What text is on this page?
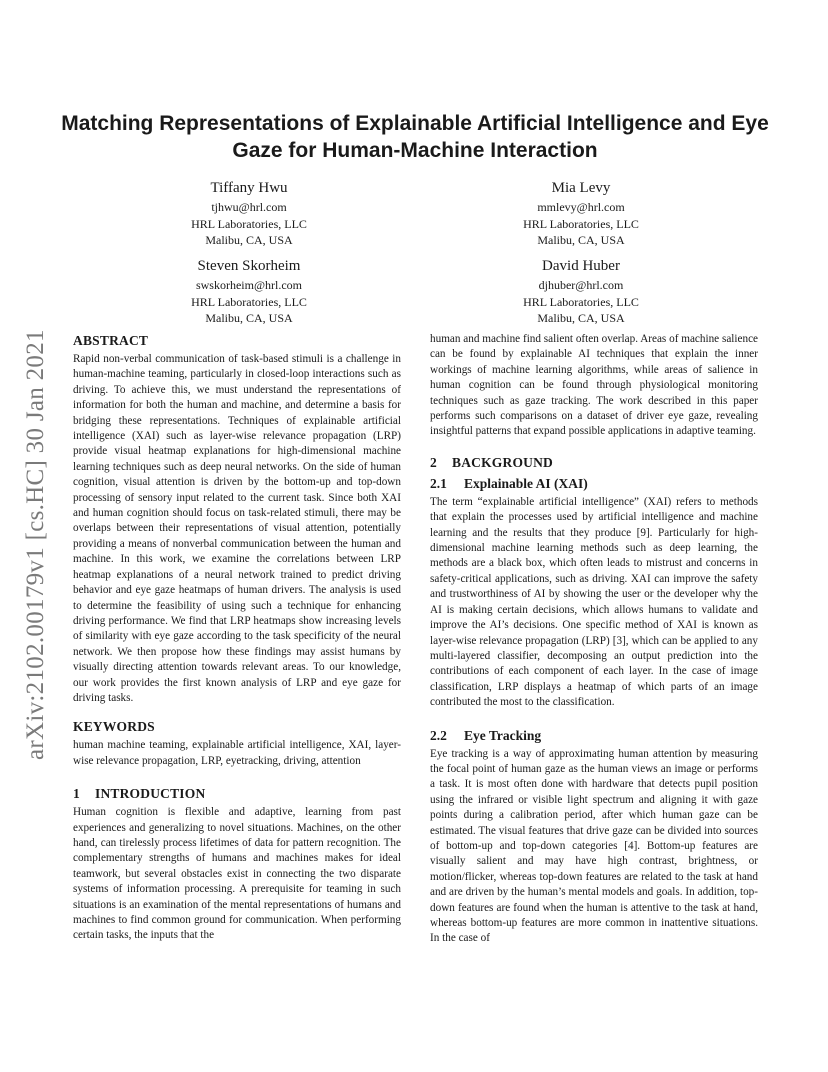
arXiv:2102.00179v1 [cs.HC] 30 Jan 2021
Matching Representations of Explainable Artificial Intelligence and Eye Gaze for Human-Machine Interaction
Tiffany Hwu
tjhwu@hrl.com
HRL Laboratories, LLC
Malibu, CA, USA
Mia Levy
mmlevy@hrl.com
HRL Laboratories, LLC
Malibu, CA, USA
Steven Skorheim
swskorheim@hrl.com
HRL Laboratories, LLC
Malibu, CA, USA
David Huber
djhuber@hrl.com
HRL Laboratories, LLC
Malibu, CA, USA
ABSTRACT

Rapid non-verbal communication of task-based stimuli is a challenge in human-machine teaming, particularly in closed-loop interactions such as driving. To achieve this, we must understand the representations of information for both the human and machine, and determine a basis for bridging these representations. Techniques of explainable artificial intelligence (XAI) such as layer-wise relevance propagation (LRP) provide visual heatmap explanations for high-dimensional machine learning techniques such as deep neural networks. On the side of human cognition, visual attention is driven by the bottom-up and top-down processing of sensory input related to the current task. Since both XAI and human cognition should focus on task-related stimuli, there may be overlaps between their representations of visual attention, potentially providing a means of nonverbal communication between the human and machine. In this work, we examine the correlations between LRP heatmap explanations of a neural network trained to predict driving behavior and eye gaze heatmaps of human drivers. The analysis is used to determine the feasibility of using such a technique for enhancing driving performance. We find that LRP heatmaps show increasing levels of similarity with eye gaze according to the task specificity of the neural network. We then propose how these findings may assist humans by visually directing attention towards relevant areas. To our knowledge, our work provides the first known analysis of LRP and eye gaze for driving tasks.

KEYWORDS

human machine teaming, explainable artificial intelligence, XAI, layer-wise relevance propagation, LRP, eyetracking, driving, attention

1 INTRODUCTION

Human cognition is flexible and adaptive, learning from past experiences and generalizing to novel situations. Machines, on the other hand, can tirelessly process lifetimes of data for pattern recognition. The complementary strengths of humans and machines makes for ideal teamwork, but several obstacles exist in connecting the two disparate systems of information processing. A prerequisite for teaming in such situations is an examination of the mental representations of humans and machines to find common ground for communication. When performing certain tasks, the inputs that the

human and machine find salient often overlap. Areas of machine salience can be found by explainable AI techniques that explain the inner workings of machine learning algorithms, while areas of salience in human cognition can be found through physiological monitoring techniques such as gaze tracking. The work described in this paper performs such comparisons on a dataset of driver eye gaze, revealing insightful patterns that expand possible applications in adaptive teaming.

2 BACKGROUND
2.1 Explainable AI (XAI)

The term “explainable artificial intelligence” (XAI) refers to methods that explain the processes used by artificial intelligence and machine learning and the results that they produce [9]. Particularly for high-dimensional machine learning methods such as deep learning, the methods are a black box, which often leads to mistrust and concerns in safety-critical applications, such as driving. XAI can improve the safety and trustworthiness of AI by showing the user or the developer why the AI is making certain decisions, which allows humans to validate and improve the AI’s decisions. One specific method of XAI is known as layer-wise relevance propagation (LRP) [3], which can be applied to any multi-layered classifier, decomposing an output prediction into the contributions of each component of each layer. In the case of image classification, LRP displays a heatmap of which parts of an image contributed the most to the classification.

2.2 Eye Tracking

Eye tracking is a way of approximating human attention by measuring the focal point of human gaze as the human views an image or performs a task. It is most often done with hardware that detects pupil position using the infrared or visible light spectrum and aligning it with gaze points during a calibration period, after which human gaze can be estimated. The visual features that drive gaze can be divided into sources of bottom-up and top-down categories [4]. Bottom-up features are visually salient and may have high contrast, brightness, or motion/flicker, whereas top-down features are related to the task at hand and are driven by the human’s mental models and goals. In addition, top-down features are found when the human is attentive to the task at hand, whereas bottom-up features are more common in inattentive situations. In the case of
